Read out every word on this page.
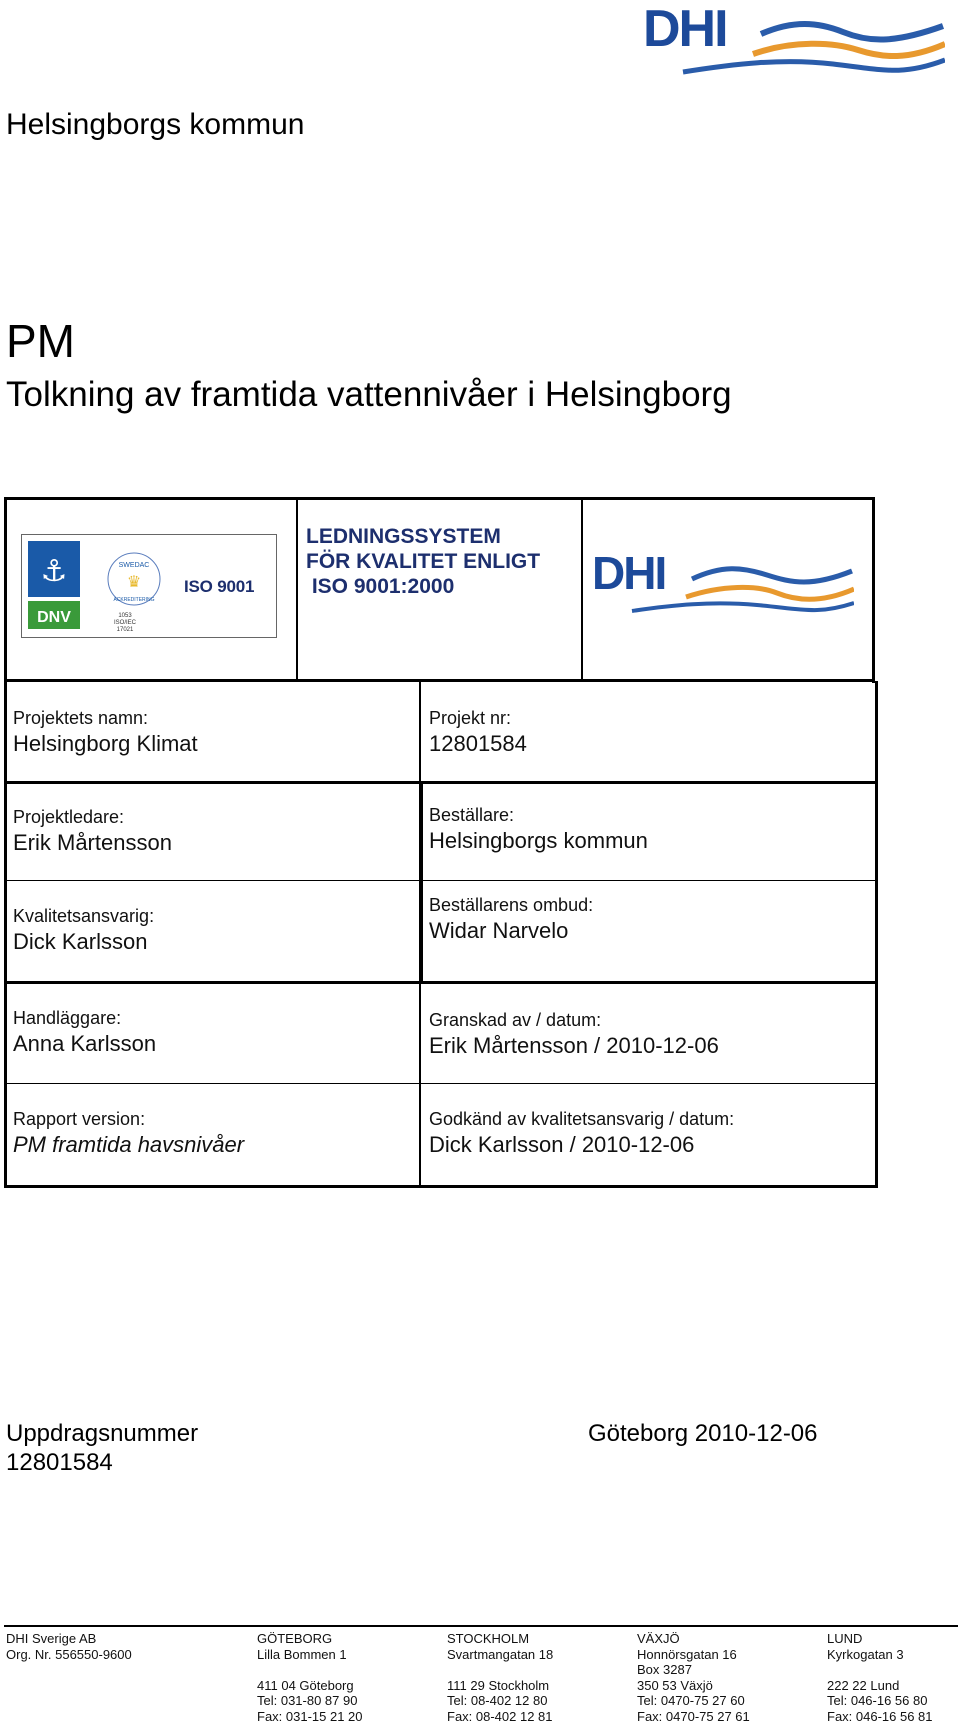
DHI
Helsingborgs kommun
PM
Tolkning av framtida vattennivåer i Helsingborg
⚓
DNV
SWEDAC
♛
ACKREDITERING
1053
ISO/IEC 17021
ISO 9001
LEDNINGSSYSTEM
FÖR KVALITET ENLIGT
ISO 9001:2000	DHI
Projektets namn:
Helsingborg Klimat
Projekt nr:
12801584
Projektledare:
Erik Mårtensson
Beställare:
Helsingborgs kommun
Kvalitetsansvarig:
Dick Karlsson
Beställarens ombud:
Widar Narvelo
Handläggare:
Anna Karlsson
Granskad av / datum:
Erik Mårtensson / 2010-12-06
Rapport version:
PM framtida havsnivåer
Godkänd av kvalitetsansvarig / datum:
Dick Karlsson / 2010-12-06
Uppdragsnummer
12801584
Göteborg 2010-12-06
DHI Sverige AB
Org. Nr. 556550-9600
GÖTEBORG
Lilla Bommen 1
411 04 Göteborg
Tel: 031-80 87 90
Fax: 031-15 21 20
STOCKHOLM
Svartmangatan 18
111 29 Stockholm
Tel: 08-402 12 80
Fax: 08-402 12 81
VÄXJÖ
Honnörsgatan 16
Box 3287
350 53 Växjö
Tel: 0470-75 27 60
Fax: 0470-75 27 61
LUND
Kyrkogatan 3
222 22 Lund
Tel: 046-16 56 80
Fax: 046-16 56 81
